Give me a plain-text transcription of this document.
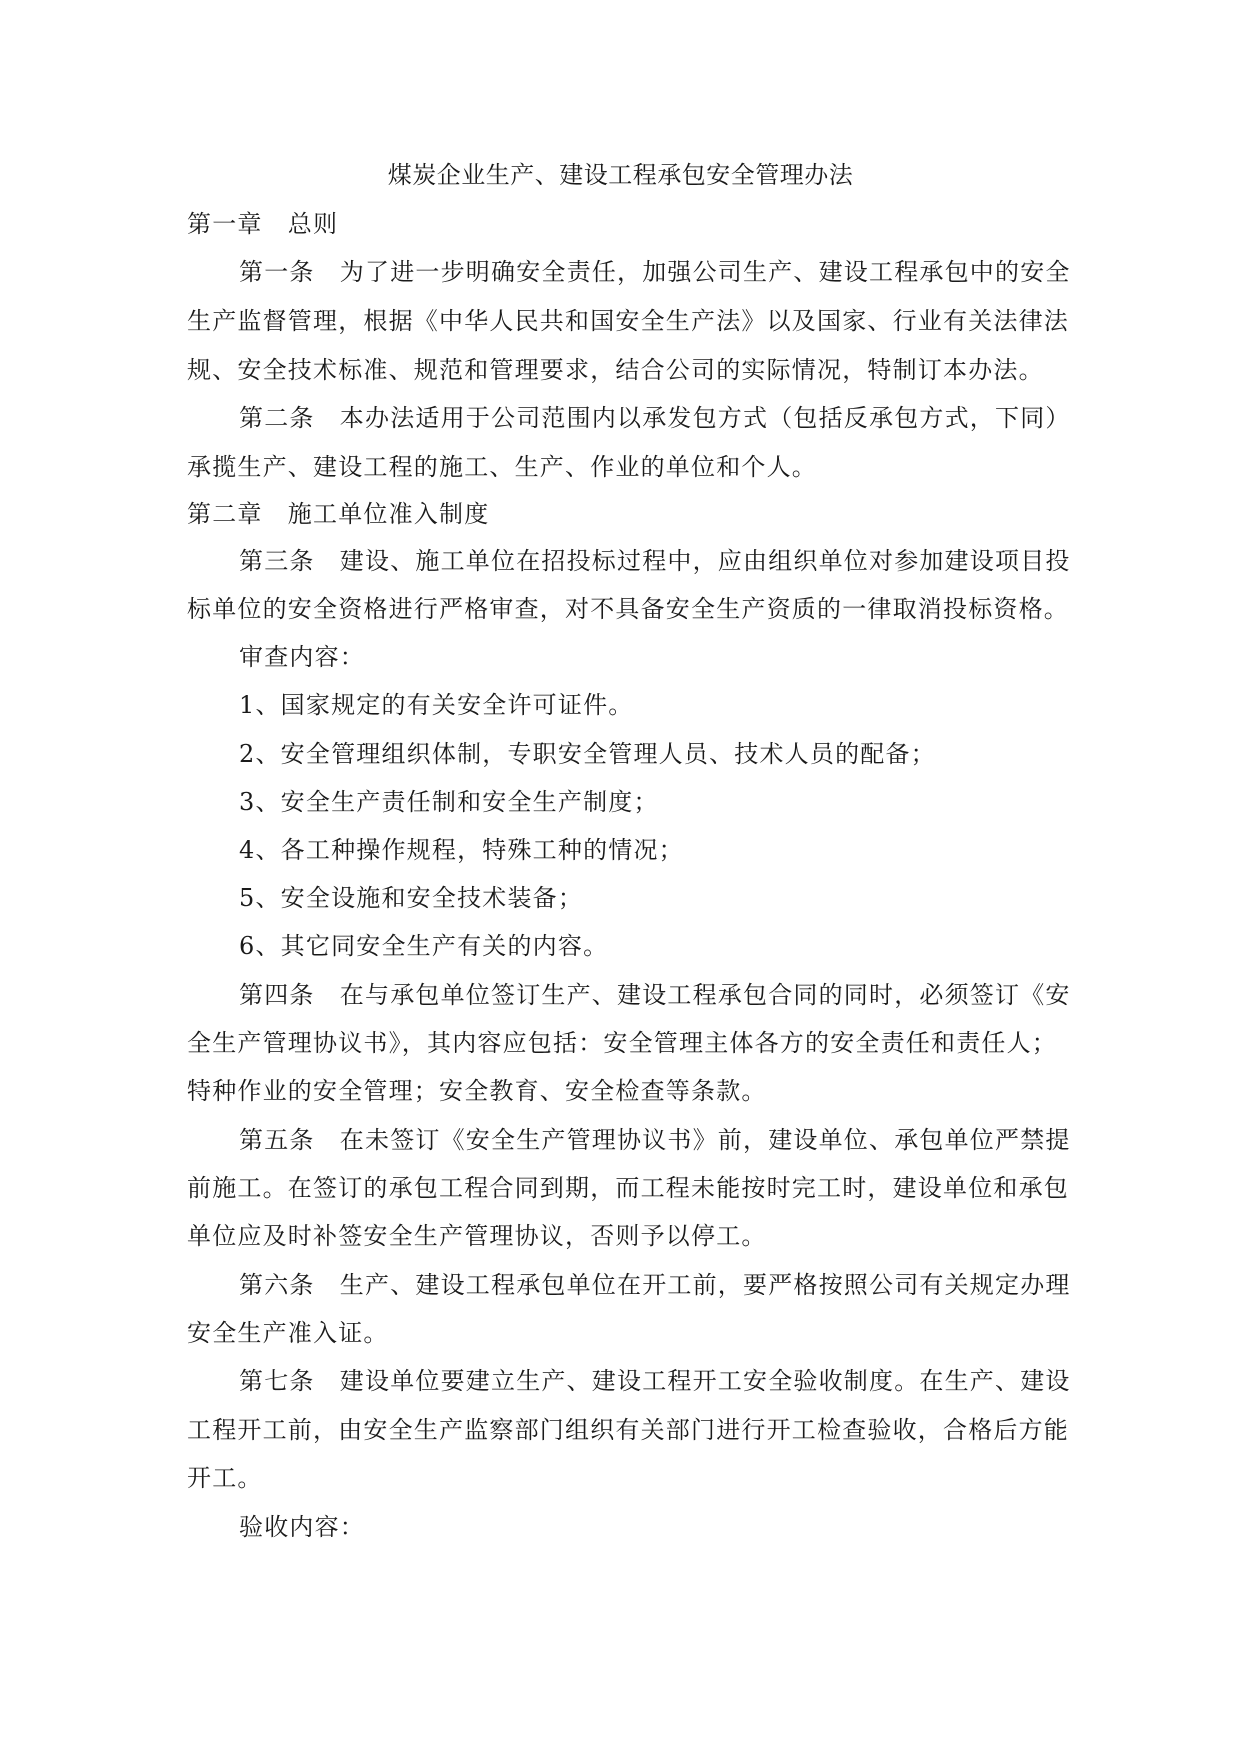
煤炭企业生产、建设工程承包安全管理办法
第一章　总则
第一条　为了进一步明确安全责任，加强公司生产、建设工程承包中的安全
生产监督管理，根据《中华人民共和国安全生产法》以及国家、行业有关法律法
规、安全技术标准、规范和管理要求，结合公司的实际情况，特制订本办法。
第二条　本办法适用于公司范围内以承发包方式（包括反承包方式，下同）
承揽生产、建设工程的施工、生产、作业的单位和个人。
第二章　施工单位准入制度
第三条　建设、施工单位在招投标过程中，应由组织单位对参加建设项目投
标单位的安全资格进行严格审查，对不具备安全生产资质的一律取消投标资格。
审查内容：
1、国家规定的有关安全许可证件。
2、安全管理组织体制，专职安全管理人员、技术人员的配备；
3、安全生产责任制和安全生产制度；
4、各工种操作规程，特殊工种的情况；
5、安全设施和安全技术装备；
6、其它同安全生产有关的内容。
第四条　在与承包单位签订生产、建设工程承包合同的同时，必须签订《安
全生产管理协议书》，其内容应包括：安全管理主体各方的安全责任和责任人；
特种作业的安全管理；安全教育、安全检查等条款。
第五条　在未签订《安全生产管理协议书》前，建设单位、承包单位严禁提
前施工。在签订的承包工程合同到期，而工程未能按时完工时，建设单位和承包
单位应及时补签安全生产管理协议，否则予以停工。
第六条　生产、建设工程承包单位在开工前，要严格按照公司有关规定办理
安全生产准入证。
第七条　建设单位要建立生产、建设工程开工安全验收制度。在生产、建设
工程开工前，由安全生产监察部门组织有关部门进行开工检查验收，合格后方能
开工。
验收内容：
